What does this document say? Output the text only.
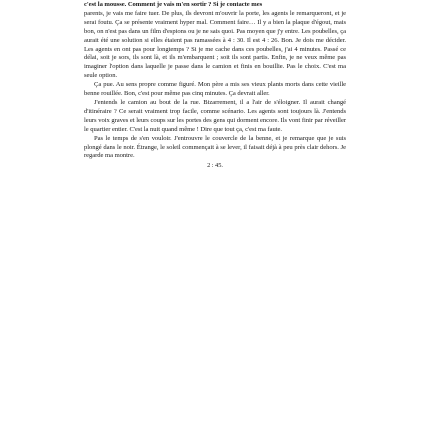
c'est la mousse. Comment je vais m'en sortir ? Si je contacte mes

parents, je vais me faire tuer. De plus, ils devront m'ouvrir la porte, les agents le remarqueront, et je serai foutu. Ça se présente vraiment hyper mal. Comment faire… Il y a bien la plaque d'égout, mais bon, on n'est pas dans un film d'espions ou je ne sais quoi. Pas moyen que j'y entre. Les poubelles, ça aurait été une solution si elles étaient pas ramassées à 4 : 30. Il est 4 : 26. Bon. Je dois me décider. Les agents en ont pas pour longtemps ? Si je me cache dans ces poubelles, j'ai 4 minutes. Passé ce délai, soit je sors, ils sont là, et ils m'embarquent ; soit ils sont partis. Enfin, je ne veux même pas imaginer l'option dans laquelle je passe dans le camion et finis en bouillie. Pas le choix. C'est ma seule option.

Ça pue. Au sens propre comme figuré. Mon père a mis ses vieux plants morts dans cette vieille benne rouillée. Bon, c'est pour même pas cinq minutes. Ça devrait aller.

J'entends le camion au bout de la rue. Bizarrement, il a l'air de s'éloigner. Il aurait changé d'itinéraire ? Ce serait vraiment trop facile, comme scénario. Les agents sont toujours là. J'entends leurs voix graves et leurs coups sur les portes des gens qui dorment encore. Ils vont finir par réveiller le quartier entier. C'est la nuit quand même ! Dire que tout ça, c'est ma faute.

Pas le temps de s'en vouloir. J'entrouvre le couvercle de la benne, et je remarque que je suis plongé dans le noir. Étrange, le soleil commençait à se lever, il faisait déjà à peu près clair dehors. Je regarde ma montre.

2 : 45.
